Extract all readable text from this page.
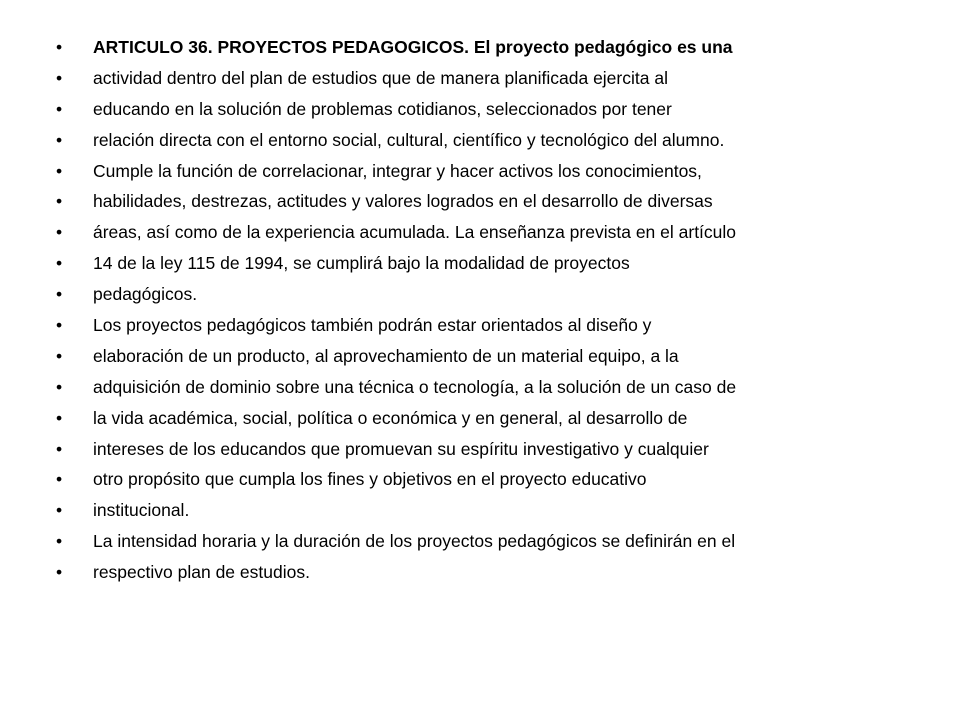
•	ARTICULO 36. PROYECTOS PEDAGOGICOS. El proyecto pedagógico es una
•	actividad dentro del plan de estudios que de manera planificada ejercita al
•	educando en la solución de problemas cotidianos, seleccionados por tener
•	relación directa con el entorno social, cultural, científico y tecnológico del alumno.
•	Cumple la función de correlacionar, integrar y hacer activos los conocimientos,
•	habilidades, destrezas, actitudes y valores logrados en el desarrollo de diversas
•	áreas, así como de la experiencia acumulada. La enseñanza prevista en el artículo
•	14 de la ley 115 de 1994, se cumplirá bajo la modalidad de proyectos
•	pedagógicos.
•	Los proyectos pedagógicos también podrán estar orientados al diseño y
•	elaboración de un producto, al aprovechamiento de un material equipo, a la
•	adquisición de dominio sobre una técnica o tecnología, a la solución de un caso de
•	la vida académica, social, política o económica y en general, al desarrollo de
•	intereses de los educandos que promuevan su espíritu investigativo y cualquier
•	otro propósito que cumpla los fines y objetivos en el proyecto educativo
•	institucional.
•	La intensidad horaria y la duración de los proyectos pedagógicos se definirán en el
•	respectivo plan de estudios.
